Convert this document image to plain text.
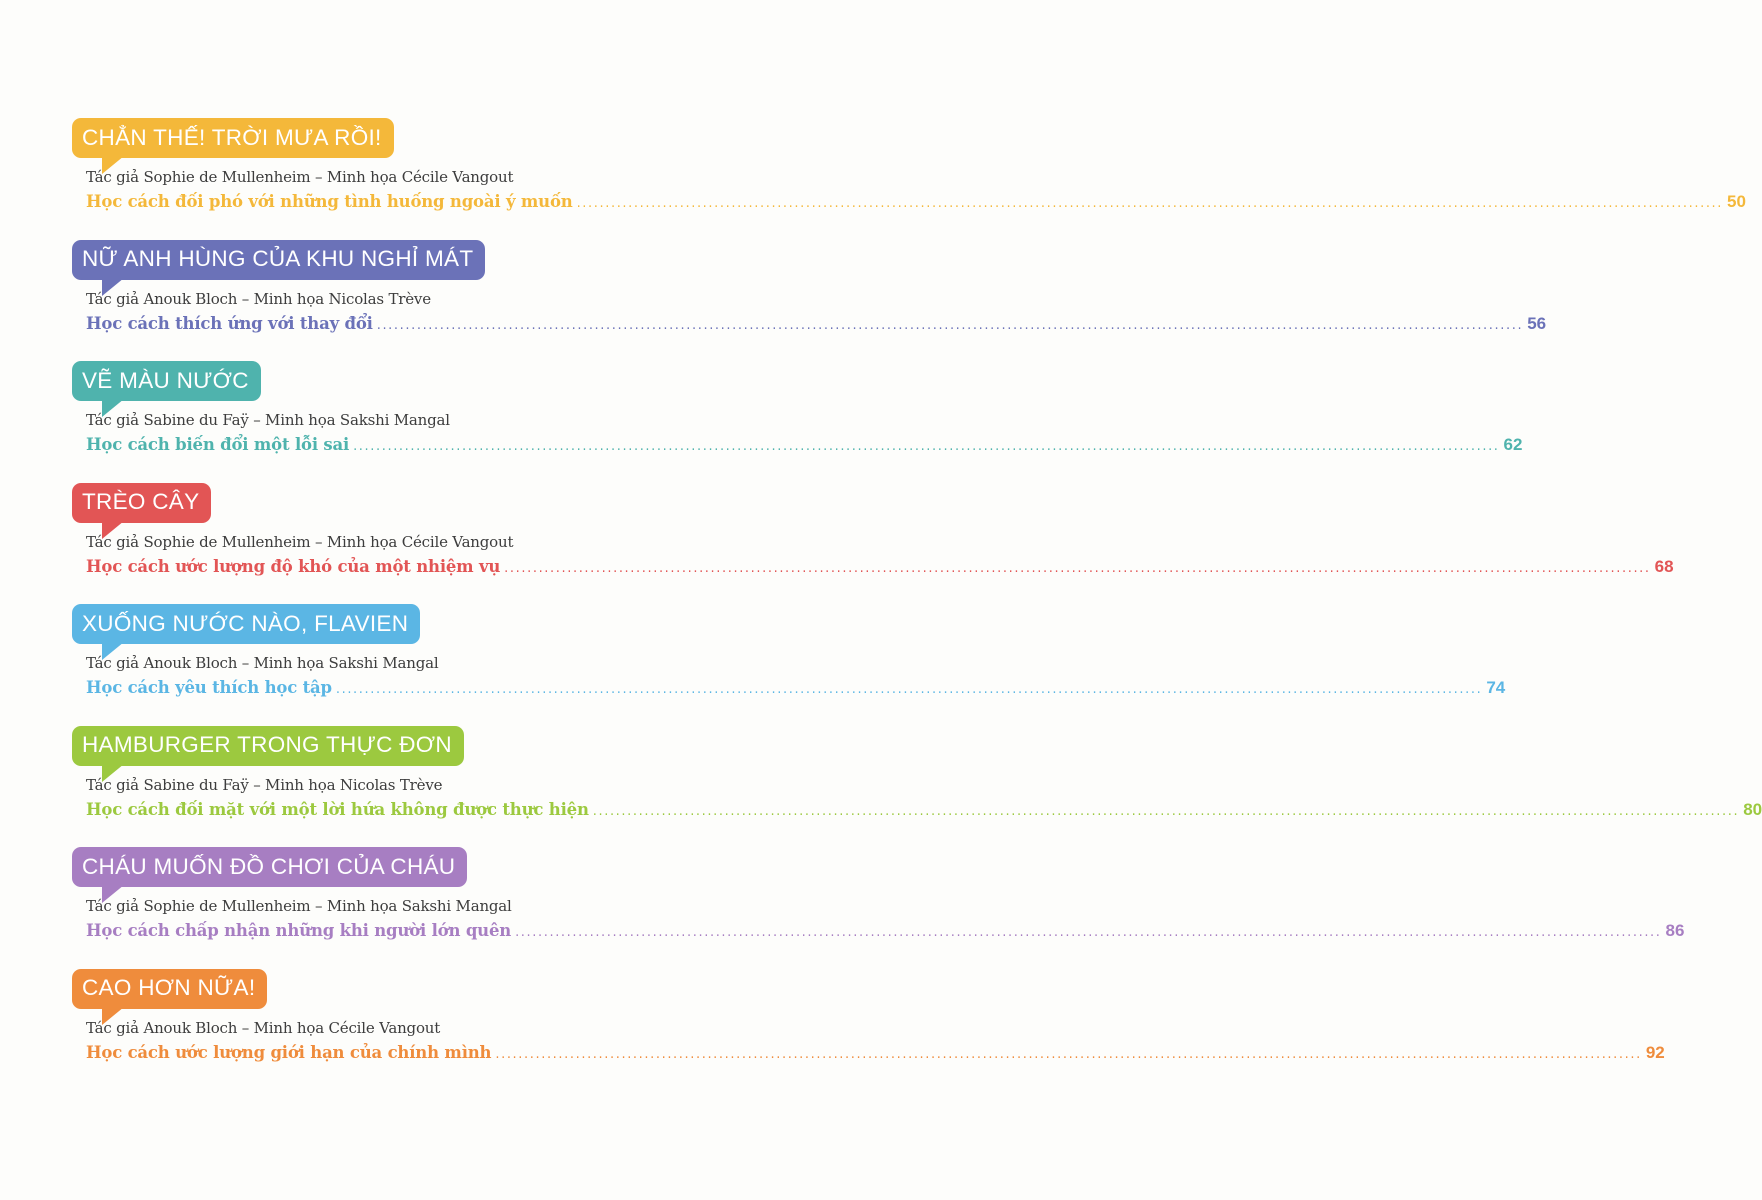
CHẲN THẾ! TRỜI MƯA RỒI!
Tác giả Sophie de Mullenheim – Minh họa Cécile Vangout
Học cách đối phó với những tình huống ngoài ý muốn ........................................................................................................................................................................................................ 50
NỮ ANH HÙNG CỦA KHU NGHỈ MÁT
Tác giả Anouk Bloch – Minh họa Nicolas Trève
Học cách thích ứng với thay đổi ........................................................................................................................................................................................................ 56
VẼ MÀU NƯỚC
Tác giả Sabine du Faÿ – Minh họa Sakshi Mangal
Học cách biến đổi một lỗi sai ........................................................................................................................................................................................................ 62
TRÈO CÂY
Tác giả Sophie de Mullenheim – Minh họa Cécile Vangout
Học cách ước lượng độ khó của một nhiệm vụ ........................................................................................................................................................................................................ 68
XUỐNG NƯỚC NÀO, FLAVIEN
Tác giả Anouk Bloch – Minh họa Sakshi Mangal
Học cách yêu thích học tập ........................................................................................................................................................................................................ 74
HAMBURGER TRONG THỰC ĐƠN
Tác giả Sabine du Faÿ – Minh họa Nicolas Trève
Học cách đối mặt với một lời hứa không được thực hiện ........................................................................................................................................................................................................ 80
CHÁU MUỐN ĐỒ CHƠI CỦA CHÁU
Tác giả Sophie de Mullenheim – Minh họa Sakshi Mangal
Học cách chấp nhận những khi người lớn quên ........................................................................................................................................................................................................ 86
CAO HƠN NỮA!
Tác giả Anouk Bloch – Minh họa Cécile Vangout
Học cách ước lượng giới hạn của chính mình ........................................................................................................................................................................................................ 92
